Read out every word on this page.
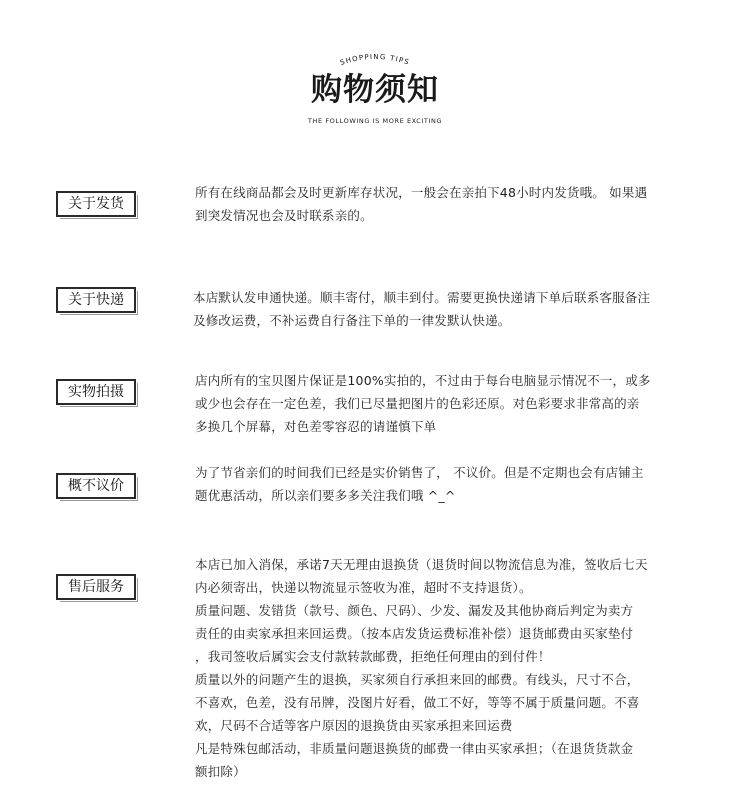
SHOPPING TIPS
购物须知
THE FOLLOWING IS MORE EXCITING
关于发货
所有在线商品都会及时更新库存状况，一般会在亲拍下48小时内发货哦。 如果遇
到突发情况也会及时联系亲的。
关于快递	本店默认发申通快递。顺丰寄付，顺丰到付。需要更换快递请下单后联系客服备注
及修改运费，不补运费自行备注下单的一律发默认快递。
实物拍摄
店内所有的宝贝图片保证是100%实拍的，不过由于每台电脑显示情况不一，或多
或少也会存在一定色差，我们已尽量把图片的色彩还原。对色彩要求非常高的亲
多换几个屏幕，对色差零容忍的请谨慎下单
概不议价
为了节省亲们的时间我们已经是实价销售了， 不议价。但是不定期也会有店铺主
题优惠活动，所以亲们要多多关注我们哦 ^_^
售后服务
本店已加入消保，承诺7天无理由退换货（退货时间以物流信息为准，签收后七天
内必须寄出，快递以物流显示签收为准，超时不支持退货）。
质量问题、发错货（款号、颜色、尺码）、少发、漏发及其他协商后判定为卖方
责任的由卖家承担来回运费。（按本店发货运费标准补偿）退货邮费由买家垫付
，我司签收后属实会支付款转款邮费，拒绝任何理由的到付件！
质量以外的问题产生的退换，买家须自行承担来回的邮费。有线头，尺寸不合，
不喜欢，色差，没有吊牌，没图片好看，做工不好，等等不属于质量问题。不喜
欢，尺码不合适等客户原因的退换货由买家承担来回运费
凡是特殊包邮活动，非质量问题退换货的邮费一律由买家承担；（在退货货款金
额扣除）
